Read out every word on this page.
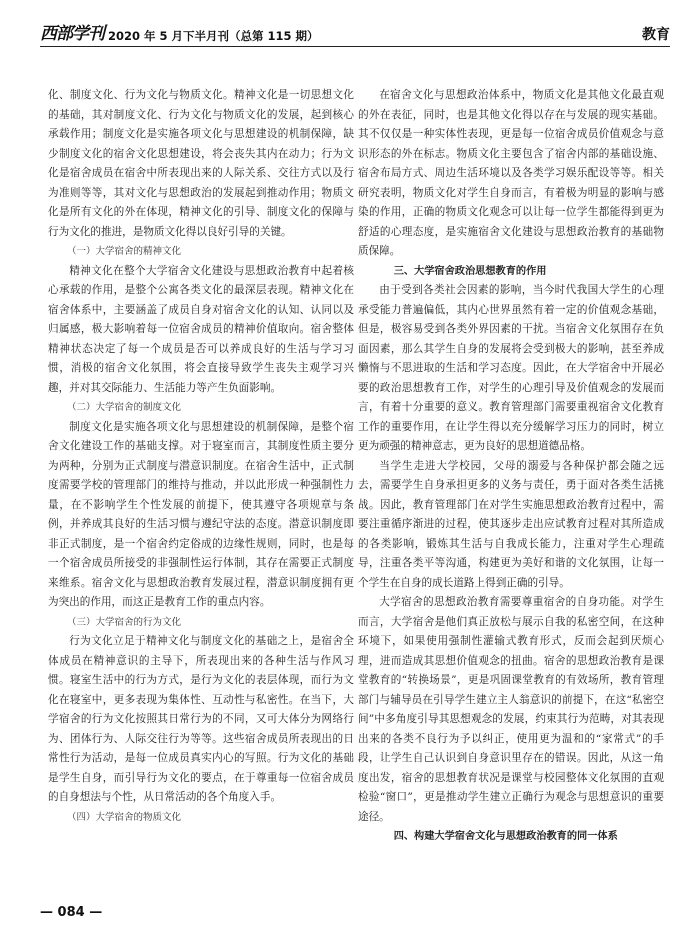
西部学刊 2020 年 5 月下半月刊（总第 115 期）	教育

化、制度文化、行为文化与物质文化。精神文化是一切思想文化的基础，其对制度文化、行为文化与物质文化的发展，起到核心承载作用；制度文化是实施各项文化与思想建设的机制保障，缺少制度文化的宿舍文化思想建设，将会丧失其内在动力；行为文化是宿舍成员在宿舍中所表现出来的人际关系、交往方式以及行为准则等等，其对文化与思想政治的发展起到推动作用；物质文化是所有文化的外在体现，精神文化的引导、制度文化的保障与行为文化的推进，是物质文化得以良好引导的关键。

（一）大学宿舍的精神文化

精神文化在整个大学宿舍文化建设与思想政治教育中起着核心承载的作用，是整个公寓各类文化的最深层表现。精神文化在宿舍体系中，主要涵盖了成员自身对宿舍文化的认知、认同以及归属感，极大影响着每一位宿舍成员的精神价值取向。宿舍整体精神状态决定了每一个成员是否可以养成良好的生活与学习习惯，消极的宿舍文化氛围，将会直接导致学生丧失主观学习兴趣，并对其交际能力、生活能力等产生负面影响。

（二）大学宿舍的制度文化

制度文化是实施各项文化与思想建设的机制保障，是整个宿舍文化建设工作的基础支撑。对于寝室而言，其制度性质主要分为两种，分别为正式制度与潜意识制度。在宿舍生活中，正式制度需要学校的管理部门的维持与推动，并以此形成一种强制性力量，在不影响学生个性发展的前提下，使其遵守各项规章与条例，并养成其良好的生活习惯与遵纪守法的态度。潜意识制度即非正式制度，是一个宿舍约定俗成的边缘性规则，同时，也是每一个宿舍成员所接受的非强制性运行体制，其存在需要正式制度来维系。宿舍文化与思想政治教育发展过程，潜意识制度拥有更为突出的作用，而这正是教育工作的重点内容。

（三）大学宿舍的行为文化

行为文化立足于精神文化与制度文化的基础之上，是宿舍全体成员在精神意识的主导下，所表现出来的各种生活与作风习惯。寝室生活中的行为方式，是行为文化的表层体现，而行为文化在寝室中，更多表现为集体性、互动性与私密性。在当下，大学宿舍的行为文化按照其日常行为的不同，又可大体分为网络行为、团体行为、人际交往行为等等。这些宿舍成员所表现出的日常性行为活动，是每一位成员真实内心的写照。行为文化的基础是学生自身，而引导行为文化的要点，在于尊重每一位宿舍成员的自身想法与个性，从日常活动的各个角度入手。

（四）大学宿舍的物质文化

在宿舍文化与思想政治体系中，物质文化是其他文化最直观的外在表征，同时，也是其他文化得以存在与发展的现实基础。其不仅仅是一种实体性表现，更是每一位宿舍成员价值观念与意识形态的外在标志。物质文化主要包含了宿舍内部的基础设施、宿舍布局方式、周边生活环境以及各类学习娱乐配设等等。相关研究表明，物质文化对学生自身而言，有着极为明显的影响与感染的作用，正确的物质文化观念可以让每一位学生都能得到更为舒适的心理态度，是实施宿舍文化建设与思想政治教育的基础物质保障。

三、大学宿舍政治思想教育的作用

由于受到各类社会因素的影响，当今时代我国大学生的心理承受能力普遍偏低，其内心世界虽然有着一定的价值观念基础，但是，极容易受到各类外界因素的干扰。当宿舍文化氛围存在负面因素，那么其学生自身的发展将会受到极大的影响，甚至养成懒惰与不思进取的生活和学习态度。因此，在大学宿舍中开展必要的政治思想教育工作，对学生的心理引导及价值观念的发展而言，有着十分重要的意义。教育管理部门需要重视宿舍文化教育工作的重要作用，在让学生得以充分缓解学习压力的同时，树立更为顽强的精神意志，更为良好的思想道德品格。

当学生走进大学校园，父母的溺爱与各种保护都会随之远去，需要学生自身承担更多的义务与责任，勇于面对各类生活挑战。因此，教育管理部门在对学生实施思想政治教育过程中，需要注重循序渐进的过程，使其逐步走出应试教育过程对其所造成的各类影响，锻炼其生活与自我成长能力，注重对学生心理疏导，注重各类平等沟通，构建更为美好和谐的文化氛围，让每一个学生在自身的成长道路上得到正确的引导。

大学宿舍的思想政治教育需要尊重宿舍的自身功能。对学生而言，大学宿舍是他们真正放松与展示自我的私密空间，在这种环境下，如果使用强制性灌输式教育形式，反而会起到厌烦心理，进而造成其思想价值观念的扭曲。宿舍的思想政治教育是课堂教育的“转换场景”，更是巩固课堂教育的有效场所，教育管理部门与辅导员在引导学生建立主人翁意识的前提下，在这“私密空间”中多角度引导其思想观念的发展，约束其行为范畴，对其表现出来的各类不良行为予以纠正，使用更为温和的“家常式”的手段，让学生自己认识到自身意识里存在的错误。因此，从这一角度出发，宿舍的思想教育状况是课堂与校园整体文化氛围的直观检验“窗口”，更是推动学生建立正确行为观念与思想意识的重要途径。

四、构建大学宿舍文化与思想政治教育的同一体系

— 084 —
